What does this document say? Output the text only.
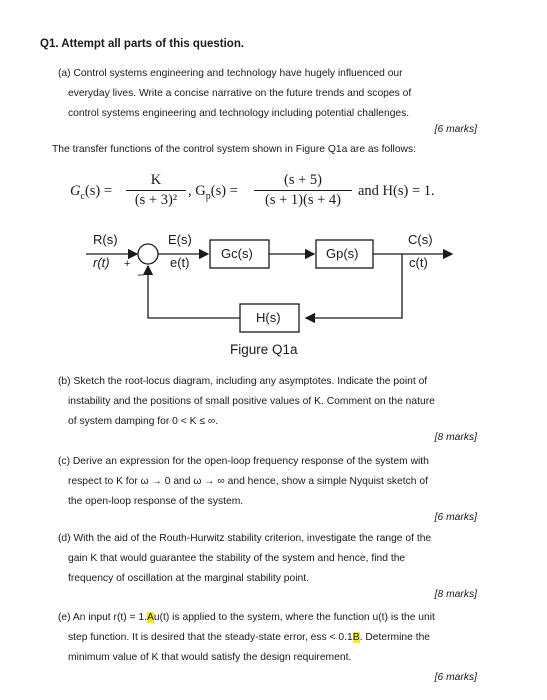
Q1. Attempt all parts of this question.
(a) Control systems engineering and technology have hugely influenced our
everyday lives. Write a concise narrative on the future trends and scopes of
control systems engineering and technology including potential challenges.
[6 marks]
The transfer functions of the control system shown in Figure Q1a are as follows:
$G_c(s)$ =
K
(s + 3)²
, $G_p(s)$ =
(s + 5)
(s + 1)(s + 4)
and H(s) = 1.
R(s)
r(t) +
−
E(s)
e(t)
Gc(s)	Gp(s)
H(s)
C(s)
c(t)
Figure Q1a
(b) Sketch the root-locus diagram, including any asymptotes. Indicate the point of
instability and the positions of small positive values of K. Comment on the nature
of system damping for 0 < K ≤ ∞.
[8 marks]
(c) Derive an expression for the open-loop frequency response of the system with
respect to K for ω → 0 and ω → ∞ and hence, show a simple Nyquist sketch of
the open-loop response of the system.
[6 marks]
(d) With the aid of the Routh-Hurwitz stability criterion, investigate the range of the
gain K that would guarantee the stability of the system and hence, find the
frequency of oscillation at the marginal stability point.
[8 marks]
(e) An input r(t) = 1.Au(t) is applied to the system, where the function u(t) is the unit
step function. It is desired that the steady-state error, ess < 0.1B. Determine the
minimum value of K that would satisfy the design requirement.
[6 marks]
